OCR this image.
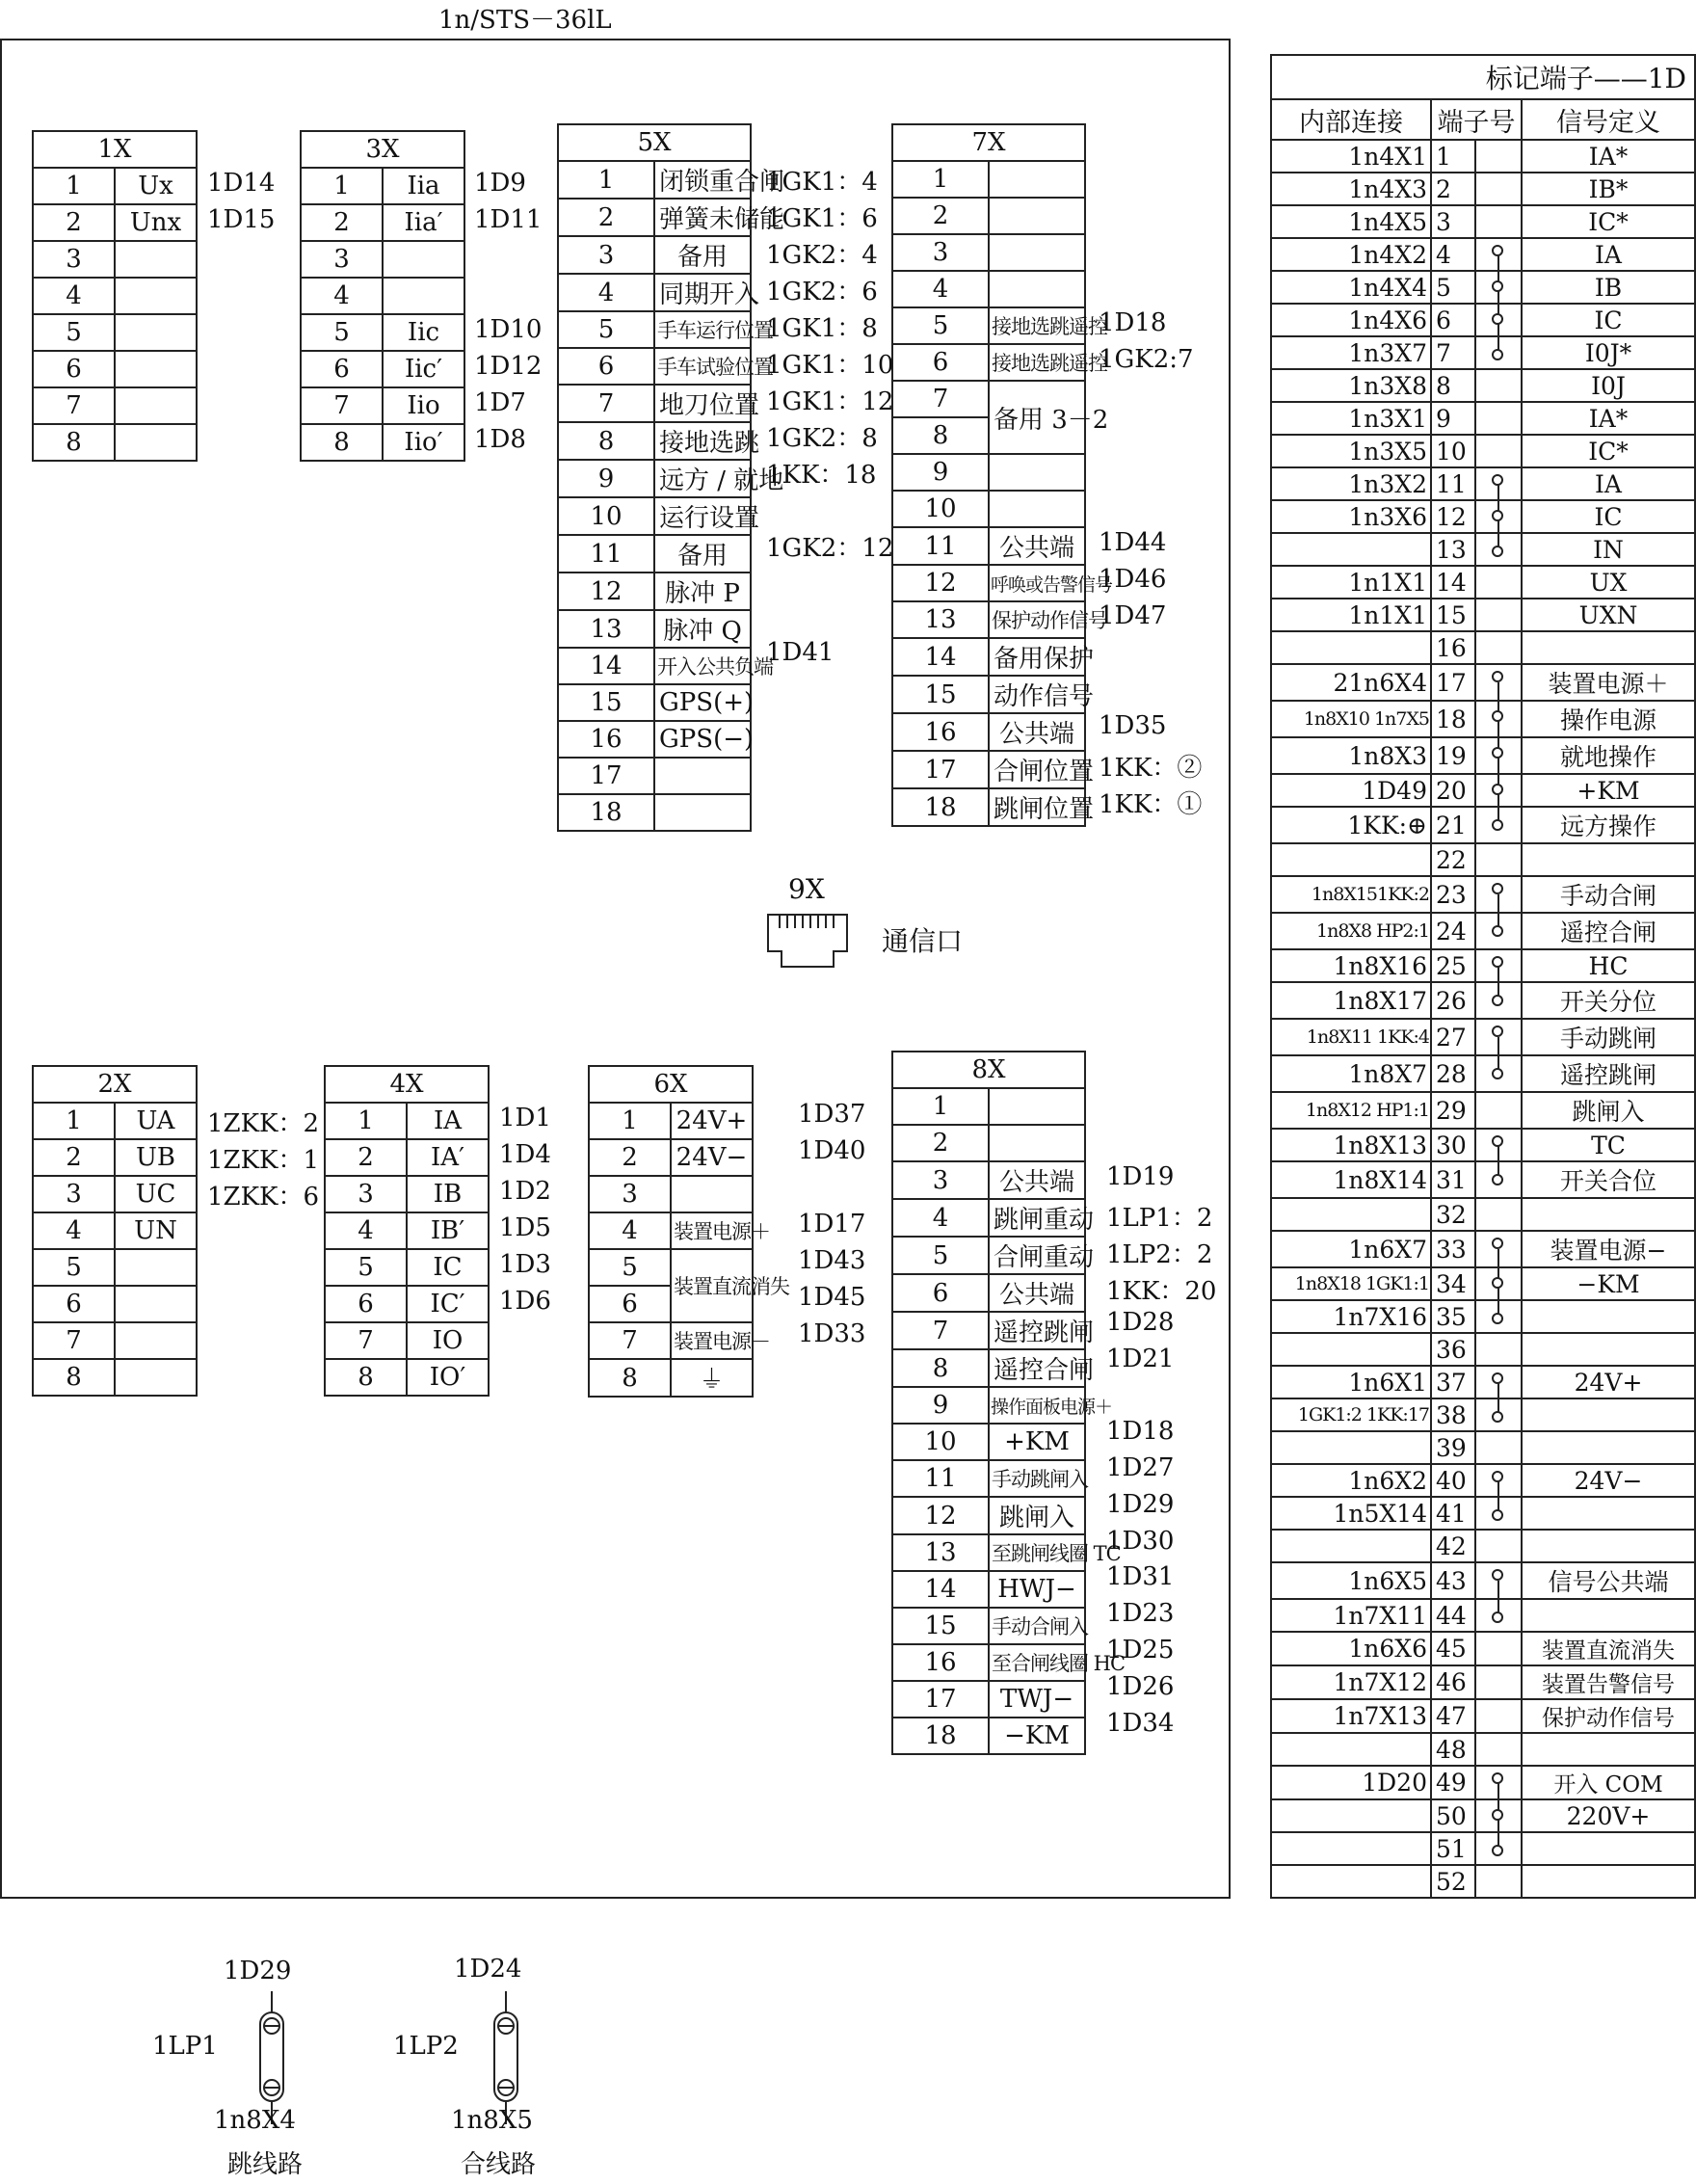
1n/STS－36lL
1X	
1	Ux
2	Unx
3	
4	
5	
6	
7	
8	
3X	
1	Iia
2	Iia′
3	
4	
5	Iic
6	Iic′
7	Iio
8	Iio′
5X	
1	闭锁重合闸
2	弹簧未储能
3	备用
4	同期开入
5	手车运行位置
6	手车试验位置
7	地刀位置
8	接地选跳
9	远方 / 就地
10	运行设置
11	备用
12	脉冲 P
13	脉冲 Q
14	开入公共负端
15	GPS(+)
16	GPS(−)
17	
18	
7X	
1	
2	
3	
4	
5	接地选跳遥控
6	接地选跳遥控
7	备用 3－2
8	
9	
10	
11	公共端
12	呼唤或告警信号
13	保护动作信号
14	备用保护
15	动作信号
16	公共端
17	合闸位置
18	跳闸位置
2X	
1	UA
2	UB
3	UC
4	UN
5	
6	
7	
8	
4X	
1	IA
2	IA′
3	IB
4	IB′
5	IC
6	IC′
7	IO
8	IO′
6X	
1	24V+
2	24V−
3	
4	装置电源＋
5	装置直流消失
6	
7	装置电源－
8	⏚
8X	
1	
2	
3	公共端
4	跳闸重动
5	合闸重动
6	公共端
7	遥控跳闸
8	遥控合闸
9	操作面板电源＋
10	+KM
11	手动跳闸入
12	跳闸入
13	至跳闸线圈 TC
14	HWJ−
15	手动合闸入
16	至合闸线圈 HC
17	TWJ−
18	−KM
1D14
1D15
1D9
1D11
1D10
1D12
1D7
1D8
1GK1：4
1GK1：6
1GK2：4
1GK2：6
1GK1：8
1GK1：10
1GK1：12
1GK2：8
1KK：18
1GK2：12
1D41
1D18
1GK2:7
1D44
1D46
1D47
1D35
1KK：②
1KK：①
1ZKK：2
1ZKK：1
1ZKK：6
1D1
1D4
1D2
1D5
1D3
1D6
1D37
1D40
1D17
1D43
1D45
1D33
1D19
1LP1：2
1LP2：2
1KK：20
1D28
1D21
1D18
1D27
1D29
1D30
1D31
1D23
1D25
1D26
1D34
9X
通信口
标记端子——1D			
内部连接	端子号		信号定义
1n4X1	1		IA*
1n4X3	2		IB*
1n4X5	3		IC*
1n4X2	4		IA
1n4X4	5		IB
1n4X6	6		IC
1n3X7	7		I0J*
1n3X8	8		I0J
1n3X1	9		IA*
1n3X5	10		IC*
1n3X2	11		IA
1n3X6	12		IC
	13		IN
1n1X1	14		UX
1n1X1	15		UXN
	16		
21n6X4	17		装置电源＋
1n8X10 1n7X5	18		操作电源
1n8X3	19		就地操作
1D49	20		+KM
1KK:⊕	21		远方操作
	22		
1n8X151KK:2	23		手动合闸
1n8X8 HP2:1	24		遥控合闸
1n8X16	25		HC
1n8X17	26		开关分位
1n8X11 1KK:4	27		手动跳闸
1n8X7	28		遥控跳闸
1n8X12 HP1:1	29		跳闸入
1n8X13	30		TC
1n8X14	31		开关合位
	32		
1n6X7	33		装置电源−
1n8X18 1GK1:1	34		−KM
1n7X16	35	

	36		
1n6X1	37		24V+
1GK1:2 1KK:17	38	

	39		
1n6X2	40		24V−
1n5X14	41	

	42		
1n6X5	43		信号公共端
1n7X11	44	

1n6X6	45		装置直流消失
1n7X12	46		装置告警信号
1n7X13	47		保护动作信号
	48		
1D20	49		开入 COM
	50		220V+
	51	

	52		
1D29
1LP1
1n8X4
跳线路
1D24
1LP2
1n8X5
合线路
